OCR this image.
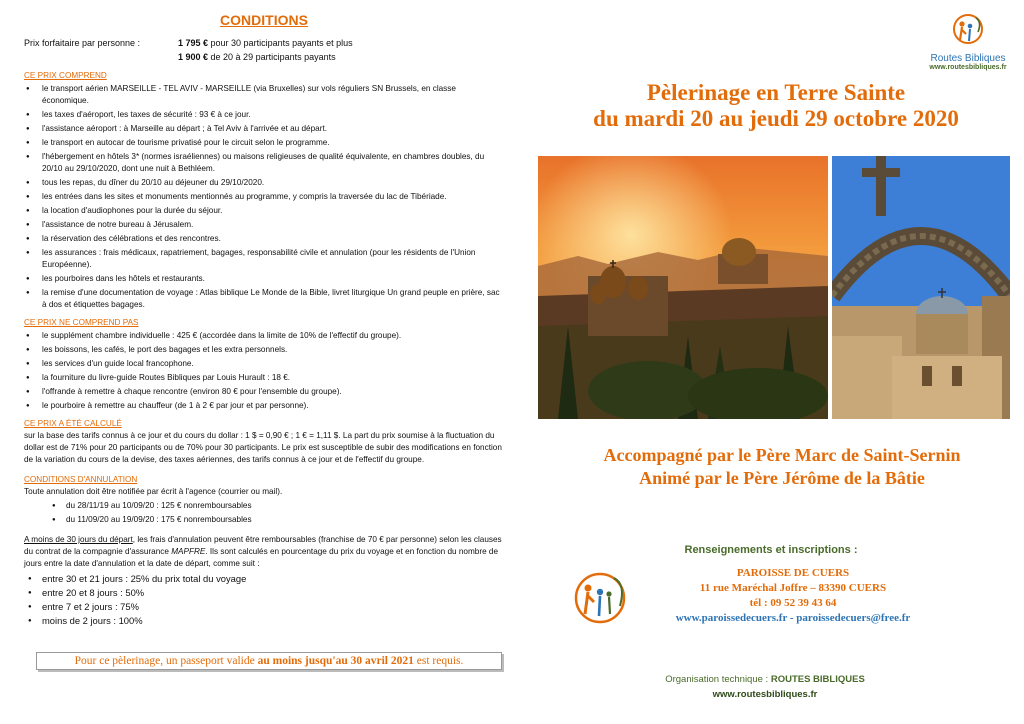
CONDITIONS
Prix forfaitaire par personne :	1 795 € pour 30 participants payants et plus
1 900 € de 20 à 29 participants payants
CE PRIX COMPREND
● le transport aérien MARSEILLE - TEL AVIV - MARSEILLE (via Bruxelles) sur vols réguliers SN Brussels, en classe économique.
● les taxes d'aéroport, les taxes de sécurité : 93 € à ce jour.
● l'assistance aéroport : à Marseille au départ ; à Tel Aviv à l'arrivée et au départ.
● le transport en autocar de tourisme privatisé pour le circuit selon le programme.
● l'hébergement en hôtels 3* (normes israéliennes) ou maisons religieuses de qualité équivalente, en chambres doubles, du 20/10 au 29/10/2020, dont une nuit à Bethléem.
● tous les repas, du dîner du 20/10 au déjeuner du 29/10/2020.
● les entrées dans les sites et monuments mentionnés au programme, y compris la traversée du lac de Tibériade.
● la location d'audiophones pour la durée du séjour.
● l'assistance de notre bureau à Jérusalem.
● la réservation des célébrations et des rencontres.
● les assurances : frais médicaux, rapatriement, bagages, responsabilité civile et annulation (pour les résidents de l'Union Européenne).
● les pourboires dans les hôtels et restaurants.
● la remise d'une documentation de voyage : Atlas biblique Le Monde de la Bible, livret liturgique Un grand peuple en prière, sac à dos et étiquettes bagages.
CE PRIX NE COMPREND PAS
● le supplément chambre individuelle : 425 € (accordée dans la limite de 10% de l'effectif du groupe).
● les boissons, les cafés, le port des bagages et les extra personnels.
● les services d'un guide local francophone.
● la fourniture du livre-guide Routes Bibliques par Louis Hurault : 18 €.
● l'offrande à remettre à chaque rencontre (environ 80 € pour l'ensemble du groupe).
● le pourboire à remettre au chauffeur (de 1 à 2 € par jour et par personne).
CE PRIX A ÉTÉ CALCULÉ

sur la base des tarifs connus à ce jour et du cours du dollar : 1 $ = 0,90 € ; 1 € = 1,11 $. La part du prix soumise à la fluctuation du dollar est de 71% pour 20 participants ou de 70% pour 30 participants. Le prix est susceptible de subir des modifications en fonction de la variation du cours de la devise, des taxes aériennes, des tarifs connus à ce jour et de l'effectif du groupe.

CONDITIONS D'ANNULATION

Toute annulation doit être notifiée par écrit à l'agence (courrier ou mail).

● du 28/11/19 au 10/09/20 : 125 € nonremboursables
● du 11/09/20 au 19/09/20 : 175 € nonremboursables

A moins de 30 jours du départ, les frais d'annulation peuvent être remboursables (franchise de 70 € par personne) selon les clauses du contrat de la compagnie d'assurance MAPFRE. Ils sont calculés en pourcentage du prix du voyage et en fonction du nombre de jours entre la date d'annulation et la date de départ, comme suit :

● entre 30 et 21 jours : 25% du prix total du voyage
● entre 20 et 8 jours : 50%
● entre 7 et 2 jours : 75%
● moins de 2 jours : 100%
Pour ce pèlerinage, un passeport valide au moins jusqu'au 30 avril 2021 est requis.
Routes Bibliques
www.routesbibliques.fr
Pèlerinage en Terre Sainte
du mardi 20 au jeudi 29 octobre 2020
Accompagné par le Père Marc de Saint-Sernin
Animé par le Père Jérôme de la Bâtie
Renseignements et inscriptions :
PAROISSE DE CUERS
11 rue Maréchal Joffre – 83390 CUERS
tél : 09 52 39 43 64
www.paroissedecuers.fr - paroissedecuers@free.fr
Organisation technique : ROUTES BIBLIQUES
www.routesbibliques.fr
